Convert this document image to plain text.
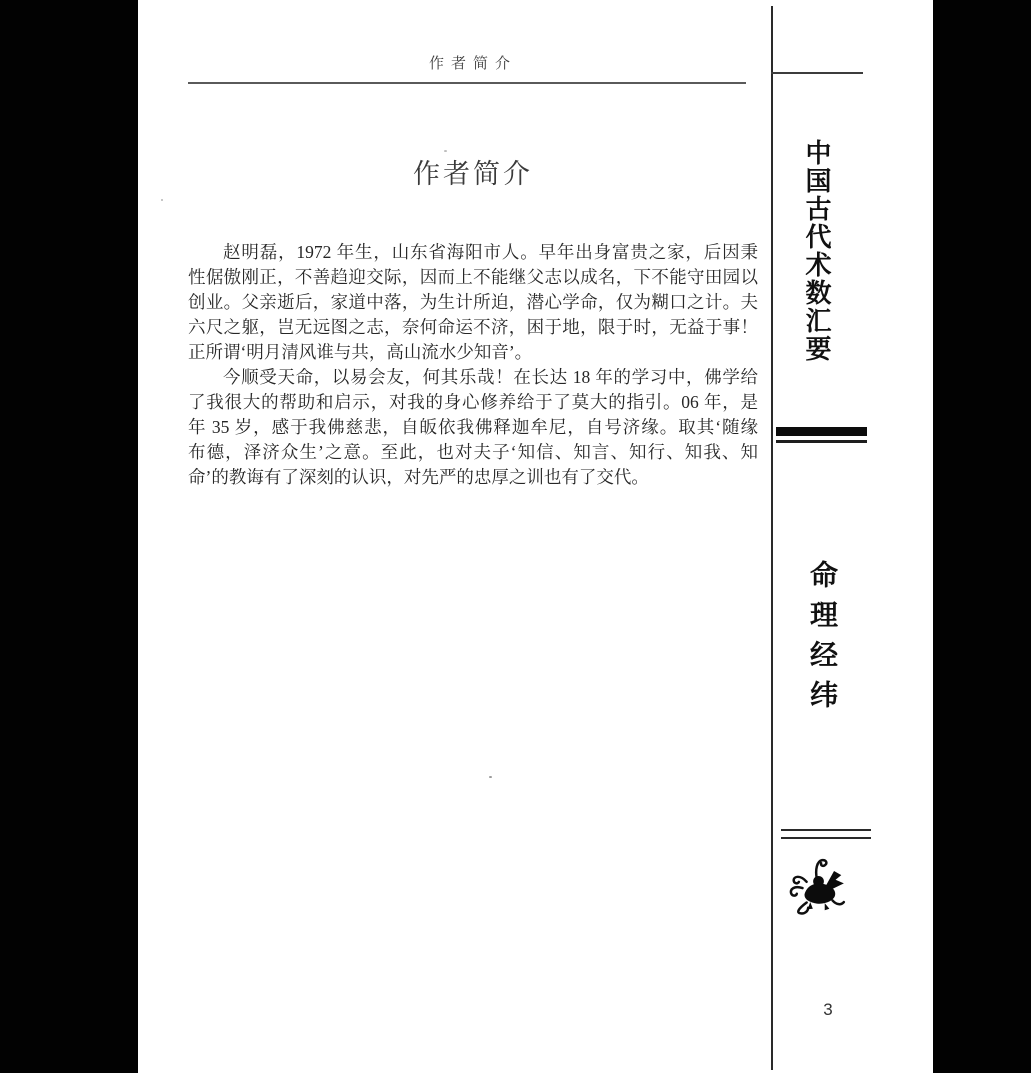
作者简介
作者简介
赵明磊，1972 年生，山东省海阳市人。早年出身富贵之家，后因秉
性倨傲刚正，不善趋迎交际，因而上不能继父志以成名，下不能守田园以
创业。父亲逝后，家道中落，为生计所迫，潜心学命，仅为糊口之计。夫
六尺之躯，岂无远图之志，奈何命运不济，困于地，限于时，无益于事！
正所谓‘明月清风谁与共，高山流水少知音’。
今顺受天命，以易会友，何其乐哉！在长达 18 年的学习中，佛学给
了我很大的帮助和启示，对我的身心修养给于了莫大的指引。06 年，是
年 35 岁，感于我佛慈悲，自皈依我佛释迦牟尼，自号济缘。取其‘随缘
布德，泽济众生’之意。至此，也对夫子‘知信、知言、知行、知我、知
命’的教诲有了深刻的认识，对先严的忠厚之训也有了交代。
中国古代术数汇要
命理经纬
3
